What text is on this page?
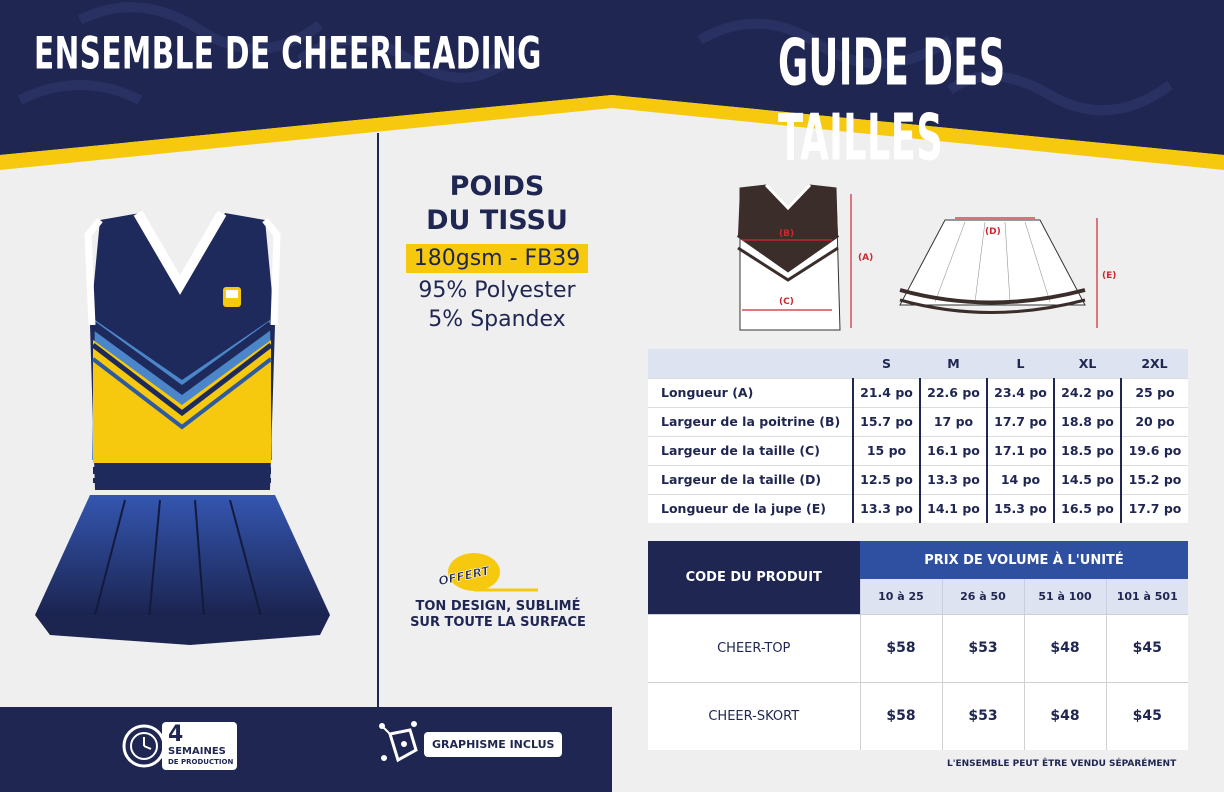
ENSEMBLE DE CHEERLEADING	GUIDE DES TAILLES
POIDS
DU TISSU
180gsm - FB39
95% Polyester
5% Spandex
OFFERT
TON DESIGN, SUBLIMÉ
SUR TOUTE LA SURFACE
4
SEMAINES
DE PRODUCTION
GRAPHISME INCLUS
(B)
(C)
(A)
(D)
(E)
	S	M	L	XL	2XL
Longueur (A)	21.4 po	22.6 po	23.4 po	24.2 po	25 po
Largeur de la poitrine (B)	15.7 po	17 po	17.7 po	18.8 po	20 po
Largeur de la taille (C)	15 po	16.1 po	17.1 po	18.5 po	19.6 po
Largeur de la taille (D)	12.5 po	13.3 po	14 po	14.5 po	15.2 po
Longueur de la jupe (E)	13.3 po	14.1 po	15.3 po	16.5 po	17.7 po
CODE DU PRODUIT	PRIX DE VOLUME À L'UNITÉ			
	10 à 25	26 à 50	51 à 100	101 à 501
CHEER-TOP	$58	$53	$48	$45
CHEER-SKORT	$58	$53	$48	$45
L'ENSEMBLE PEUT ÊTRE VENDU SÉPARÉMENT
